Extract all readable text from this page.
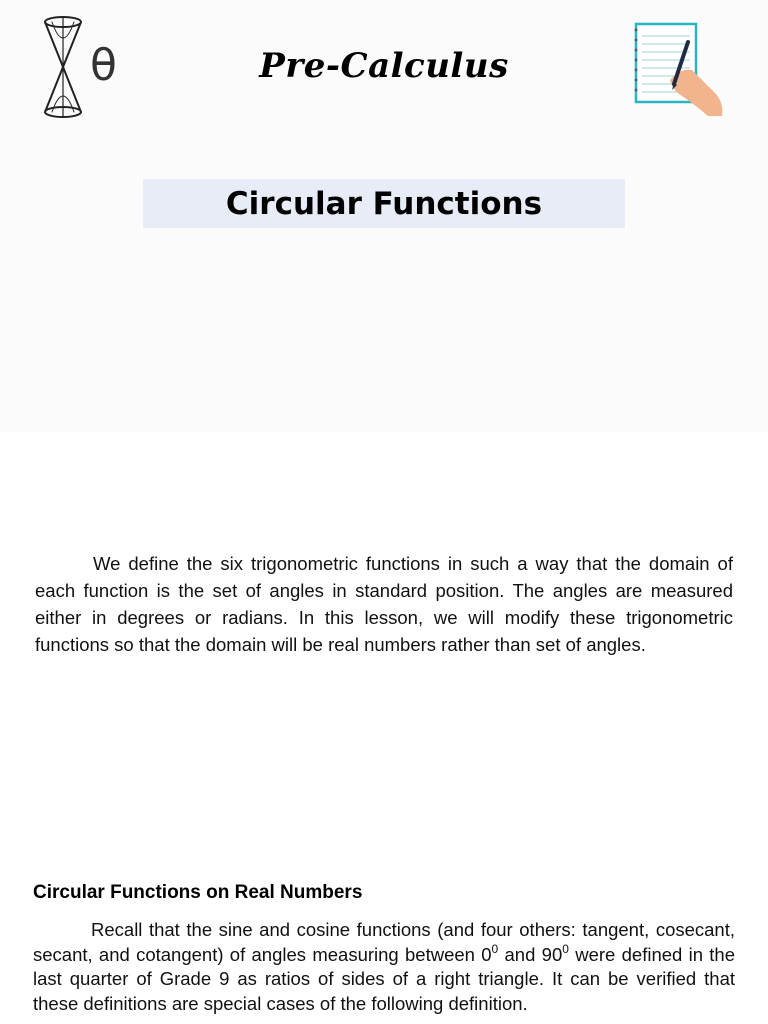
θ	Pre-Calculus
Circular Functions

We define the six trigonometric functions in such a way that the domain of each function is the set of angles in standard position. The angles are measured either in degrees or radians. In this lesson, we will modify these trigonometric functions so that the domain will be real numbers rather than set of angles.

Circular Functions on Real Numbers

Recall that the sine and cosine functions (and four others: tangent, cosecant, secant, and cotangent) of angles measuring between $0^0$ and $90^0$ were defined in the last quarter of Grade 9 as ratios of sides of a right triangle. It can be verified that these definitions are special cases of the following definition.
